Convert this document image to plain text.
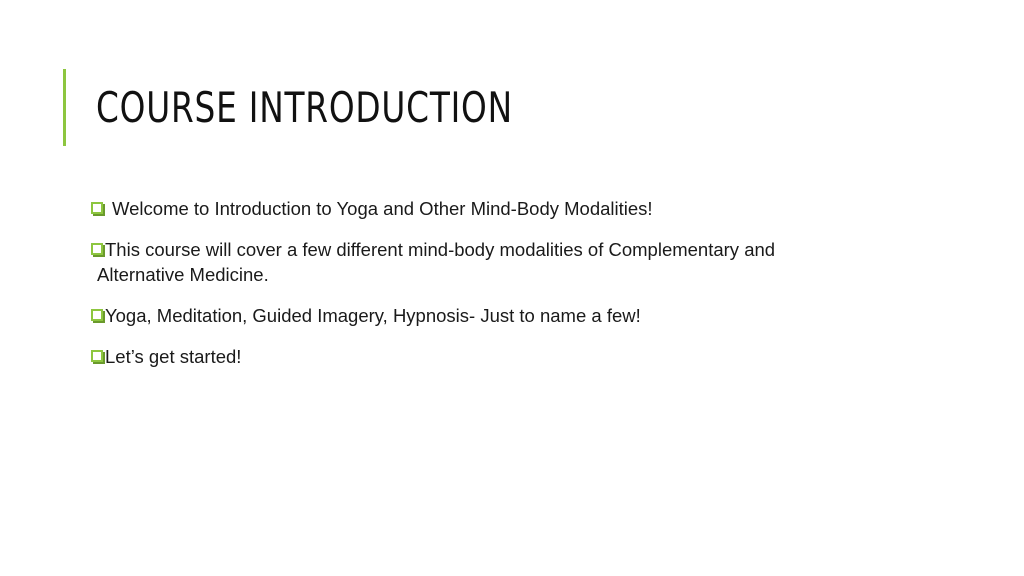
COURSE INTRODUCTION
Welcome to Introduction to Yoga and Other Mind-Body Modalities!
This course will cover a few different mind-body modalities of Complementary and
Alternative Medicine.
Yoga, Meditation, Guided Imagery, Hypnosis- Just to name a few!
Let’s get started!
